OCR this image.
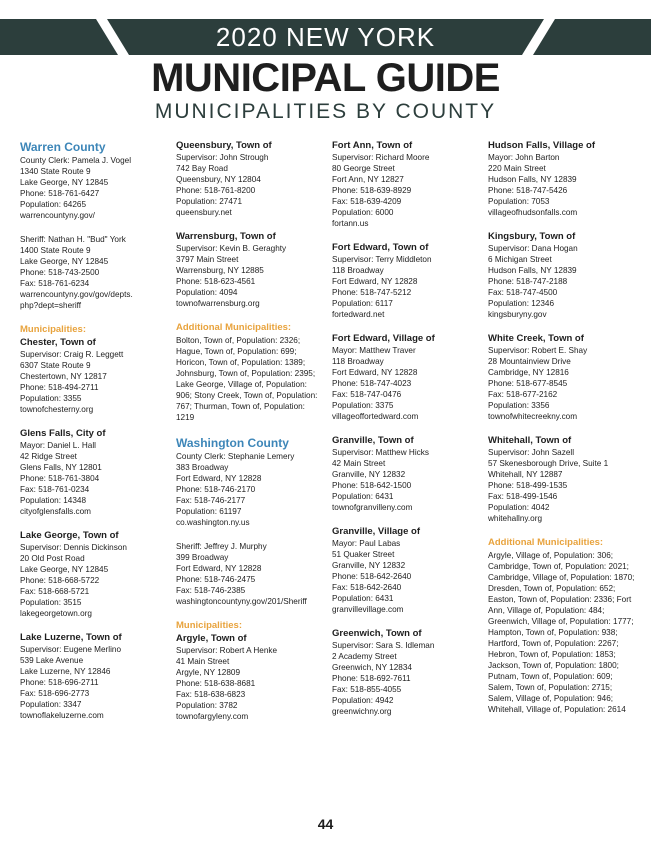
2020 NEW YORK
MUNICIPAL GUIDE
MUNICIPALITIES BY COUNTY
Warren County
County Clerk: Pamela J. Vogel
1340 State Route 9
Lake George, NY 12845
Phone: 518-761-6427
Population: 64265
warrencountyny.gov/
Sheriff: Nathan H. "Bud" York
1400 State Route 9
Lake George, NY 12845
Phone: 518-743-2500
Fax: 518-761-6234
warrencountyny.gov/gov/depts.
php?dept=sheriff
Municipalities:
Chester, Town of
Supervisor: Craig R. Leggett
6307 State Route 9
Chestertown, NY 12817
Phone: 518-494-2711
Population: 3355
townofchesterny.org
Glens Falls, City of
Mayor: Daniel L. Hall
42 Ridge Street
Glens Falls, NY 12801
Phone: 518-761-3804
Fax: 518-761-0234
Population: 14348
cityofglensfalls.com
Lake George, Town of
Supervisor: Dennis Dickinson
20 Old Post Road
Lake George, NY 12845
Phone: 518-668-5722
Fax: 518-668-5721
Population: 3515
lakegeorgetown.org
Lake Luzerne, Town of
Supervisor: Eugene Merlino
539 Lake Avenue
Lake Luzerne, NY 12846
Phone: 518-696-2711
Fax: 518-696-2773
Population: 3347
townoflakeluzerne.com
Queensbury, Town of
Supervisor: John Strough
742 Bay Road
Queensbury, NY 12804
Phone: 518-761-8200
Population: 27471
queensbury.net
Warrensburg, Town of
Supervisor: Kevin B. Geraghty
3797 Main Street
Warrensburg, NY 12885
Phone: 518-623-4561
Population: 4094
townofwarrensburg.org
Additional Municipalities:
Bolton, Town of, Population: 2326; Hague, Town of, Population: 699; Horicon, Town of, Population: 1389; Johnsburg, Town of, Population: 2395; Lake George, Village of, Population: 906; Stony Creek, Town of, Population: 767; Thurman, Town of, Population: 1219
Washington County
County Clerk: Stephanie Lemery
383 Broadway
Fort Edward, NY 12828
Phone: 518-746-2170
Fax: 518-746-2177
Population: 61197
co.washington.ny.us
Sheriff: Jeffrey J. Murphy
399 Broadway
Fort Edward, NY 12828
Phone: 518-746-2475
Fax: 518-746-2385
washingtoncountyny.gov/201/Sheriff
Municipalities:
Argyle, Town of
Supervisor: Robert A Henke
41 Main Street
Argyle, NY 12809
Phone: 518-638-8681
Fax: 518-638-6823
Population: 3782
townofargyleny.com
Fort Ann, Town of
Supervisor: Richard Moore
80 George Street
Fort Ann, NY 12827
Phone: 518-639-8929
Fax: 518-639-4209
Population: 6000
fortann.us
Fort Edward, Town of
Supervisor: Terry Middleton
118 Broadway
Fort Edward, NY 12828
Phone: 518-747-5212
Population: 6117
fortedward.net
Fort Edward, Village of
Mayor: Matthew Traver
118 Broadway
Fort Edward, NY 12828
Phone: 518-747-4023
Fax: 518-747-0476
Population: 3375
villageoffortedward.com
Granville, Town of
Supervisor: Matthew Hicks
42 Main Street
Granville, NY 12832
Phone: 518-642-1500
Population: 6431
townofgranvilleny.com
Granville, Village of
Mayor: Paul Labas
51 Quaker Street
Granville, NY 12832
Phone: 518-642-2640
Fax: 518-642-2640
Population: 6431
granvillevillage.com
Greenwich, Town of
Supervisor: Sara S. Idleman
2 Academy Street
Greenwich, NY 12834
Phone: 518-692-7611
Fax: 518-855-4055
Population: 4942
greenwichny.org
Hudson Falls, Village of
Mayor: John Barton
220 Main Street
Hudson Falls, NY 12839
Phone: 518-747-5426
Population: 7053
villageofhudsonfalls.com
Kingsbury, Town of
Supervisor: Dana Hogan
6 Michigan Street
Hudson Falls, NY 12839
Phone: 518-747-2188
Fax: 518-747-4500
Population: 12346
kingsburyny.gov
White Creek, Town of
Supervisor: Robert E. Shay
28 Mountainview Drive
Cambridge, NY 12816
Phone: 518-677-8545
Fax: 518-677-2162
Population: 3356
townofwhitecreekny.com
Whitehall, Town of
Supervisor: John Sazell
57 Skenesborough Drive, Suite 1
Whitehall, NY 12887
Phone: 518-499-1535
Fax: 518-499-1546
Population: 4042
whitehallny.org
Additional Municipalities:
Argyle, Village of, Population: 306; Cambridge, Town of, Population: 2021; Cambridge, Village of, Population: 1870; Dresden, Town of, Population: 652; Easton, Town of, Population: 2336; Fort Ann, Village of, Population: 484; Greenwich, Village of, Population: 1777; Hampton, Town of, Population: 938; Hartford, Town of, Population: 2267; Hebron, Town of, Population: 1853; Jackson, Town of, Population: 1800; Putnam, Town of, Population: 609; Salem, Town of, Population: 2715; Salem, Village of, Population: 946; Whitehall, Village of, Population: 2614
44
